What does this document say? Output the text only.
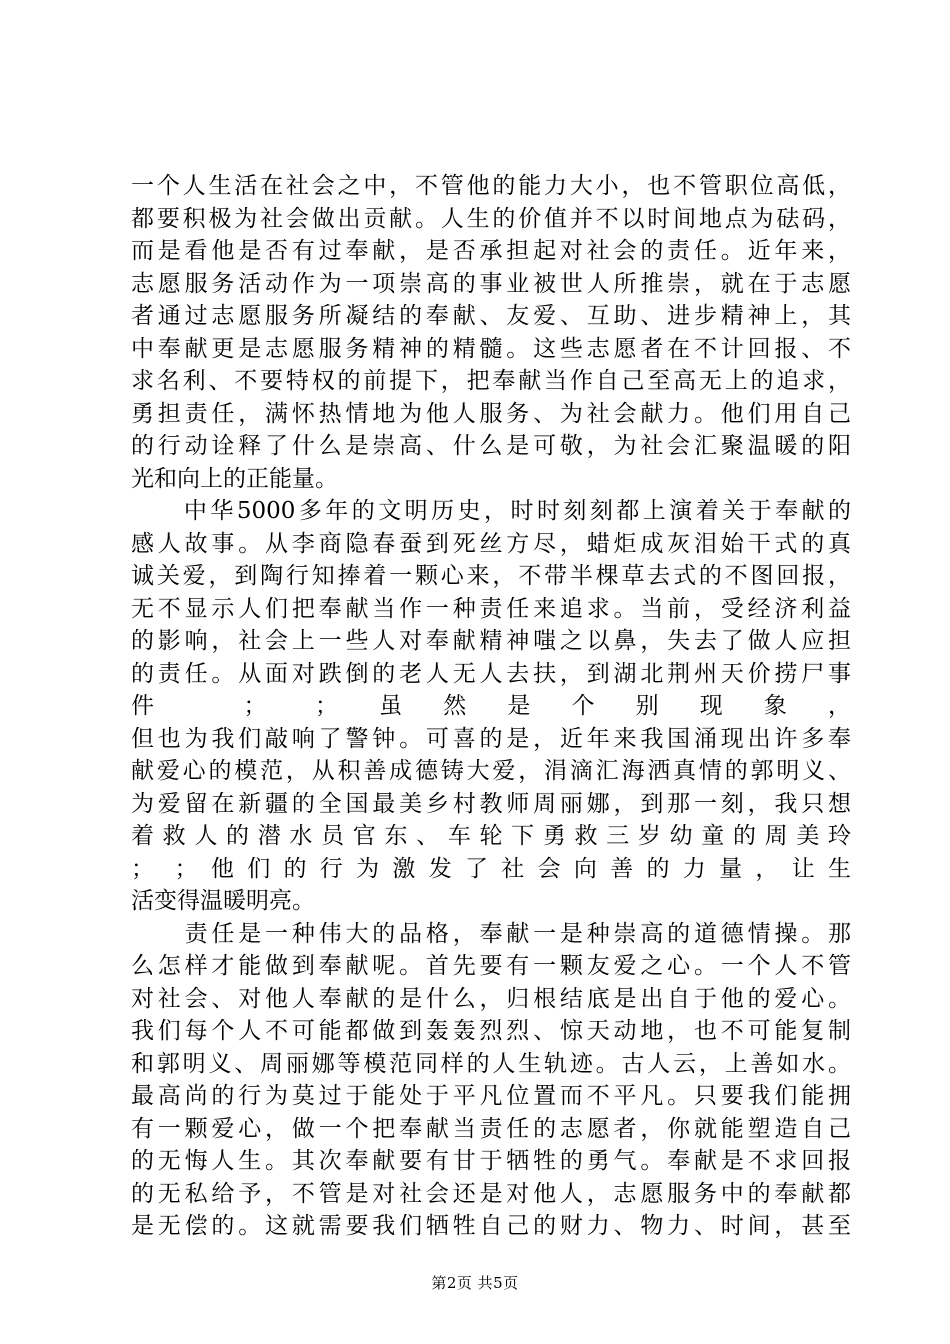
一个人生活在社会之中，不管他的能力大小，也不管职位高低，
都要积极为社会做出贡献。人生的价值并不以时间地点为砝码，
而是看他是否有过奉献，是否承担起对社会的责任。近年来，
志愿服务活动作为一项崇高的事业被世人所推崇，就在于志愿
者通过志愿服务所凝结的奉献、友爱、互助、进步精神上，其
中奉献更是志愿服务精神的精髓。这些志愿者在不计回报、不
求名利、不要特权的前提下，把奉献当作自己至高无上的追求，
勇担责任，满怀热情地为他人服务、为社会献力。他们用自己
的行动诠释了什么是崇高、什么是可敬，为社会汇聚温暖的阳
光和向上的正能量。
　　中华5000多年的文明历史，时时刻刻都上演着关于奉献的
感人故事。从李商隐春蚕到死丝方尽，蜡炬成灰泪始干式的真
诚关爱，到陶行知捧着一颗心来，不带半棵草去式的不图回报，
无不显示人们把奉献当作一种责任来追求。当前，受经济利益
的影响，社会上一些人对奉献精神嗤之以鼻，失去了做人应担
的责任。从面对跌倒的老人无人去扶，到湖北荆州天价捞尸事
件 ； ；虽然是个别现象，
但也为我们敲响了警钟。可喜的是，近年来我国涌现出许多奉
献爱心的模范，从积善成德铸大爱，涓滴汇海洒真情的郭明义、
为爱留在新疆的全国最美乡村教师周丽娜，到那一刻，我只想
着救人的潜水员官东、车轮下勇救三岁幼童的周美玲
； ；他们的行为激发了社会向善的力量，让生
活变得温暖明亮。
　　责任是一种伟大的品格，奉献一是种崇高的道德情操。那
么怎样才能做到奉献呢。首先要有一颗友爱之心。一个人不管
对社会、对他人奉献的是什么，归根结底是出自于他的爱心。
我们每个人不可能都做到轰轰烈烈、惊天动地，也不可能复制
和郭明义、周丽娜等模范同样的人生轨迹。古人云，上善如水。
最高尚的行为莫过于能处于平凡位置而不平凡。只要我们能拥
有一颗爱心，做一个把奉献当责任的志愿者，你就能塑造自己
的无悔人生。其次奉献要有甘于牺牲的勇气。奉献是不求回报
的无私给予，不管是对社会还是对他人，志愿服务中的奉献都
是无偿的。这就需要我们牺牲自己的财力、物力、时间，甚至
第2页 共5页
